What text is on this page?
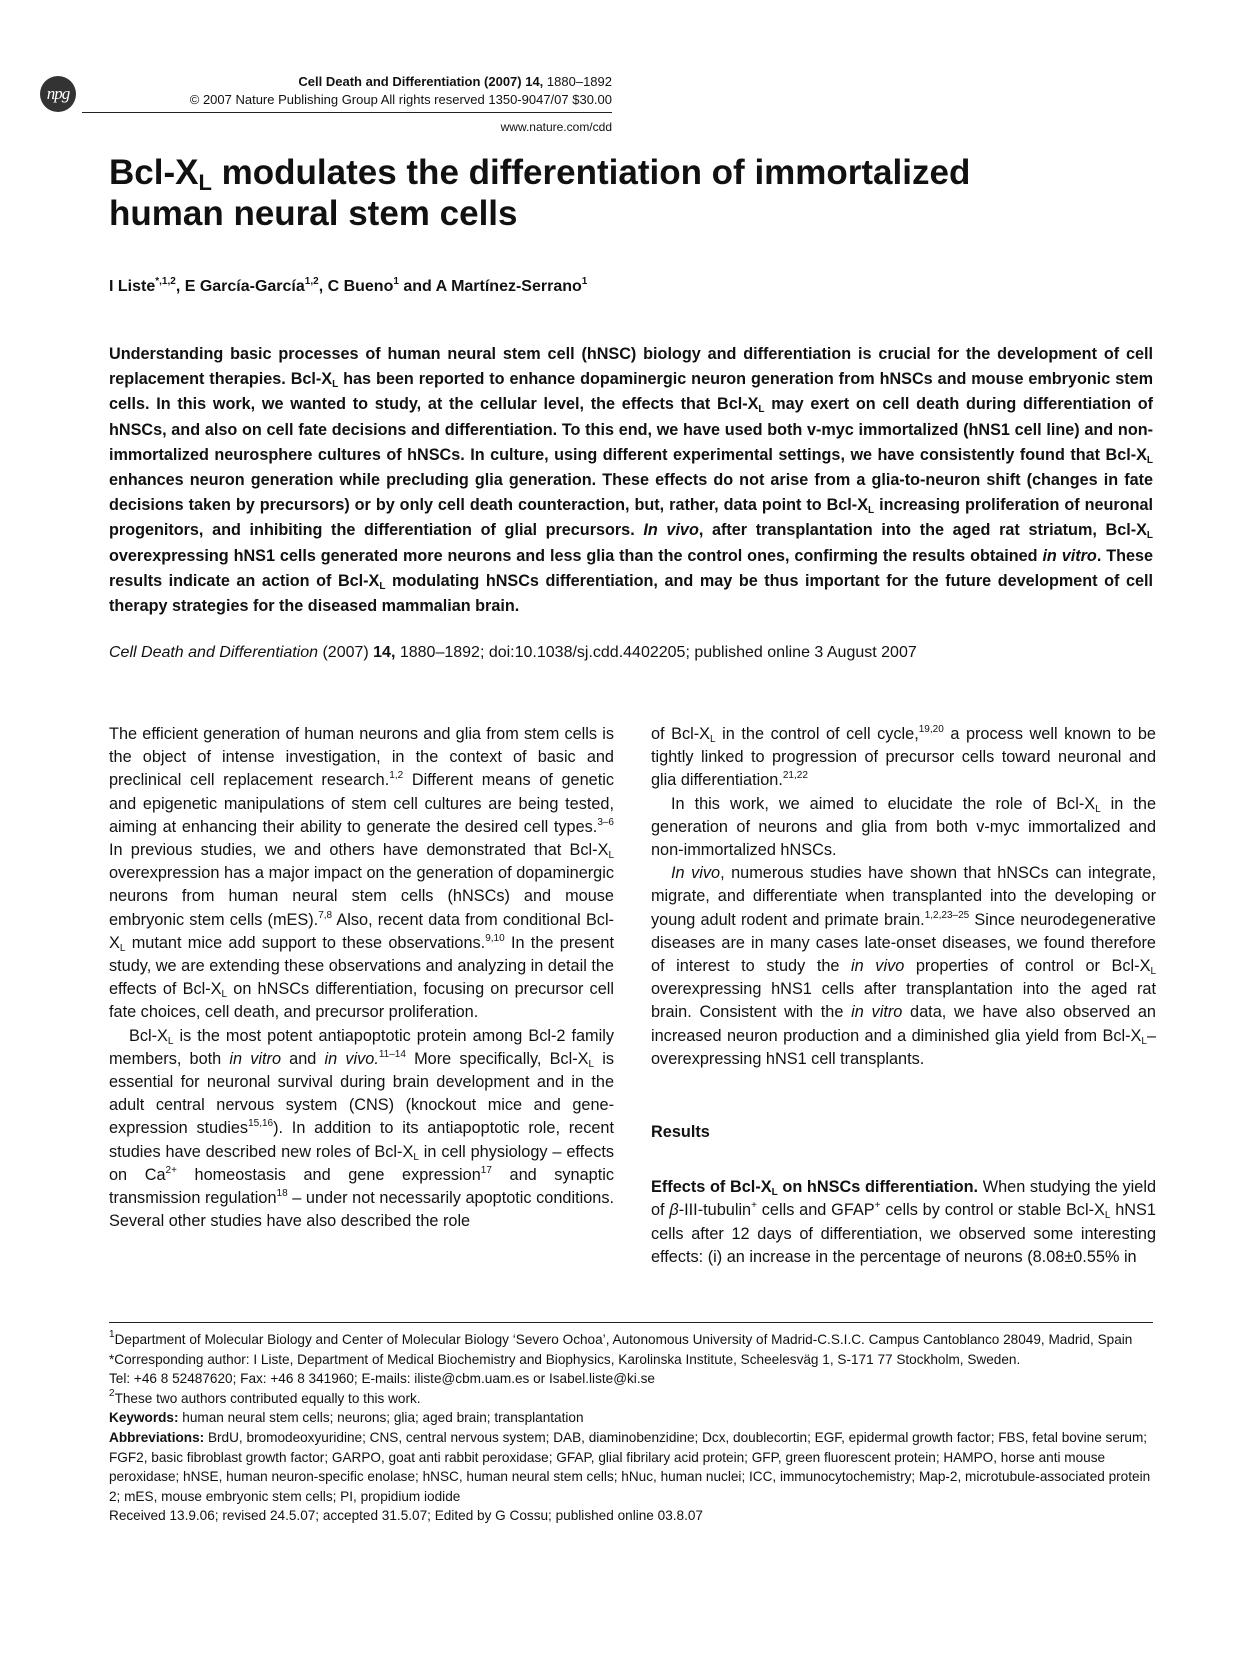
npg
Cell Death and Differentiation (2007) 14, 1880–1892
© 2007 Nature Publishing Group All rights reserved 1350-9047/07 $30.00
www.nature.com/cdd
Bcl-$X_L$ modulates the differentiation of immortalized
human neural stem cells
I Liste$^{*,1,2}$, E García-García$^{1,2}$, C Bueno$^1$ and A Martínez-Serrano$^1$

Understanding basic processes of human neural stem cell (hNSC) biology and differentiation is crucial for the development of cell replacement therapies. Bcl-$X_L$ has been reported to enhance dopaminergic neuron generation from hNSCs and mouse embryonic stem cells. In this work, we wanted to study, at the cellular level, the effects that Bcl-$X_L$ may exert on cell death during differentiation of hNSCs, and also on cell fate decisions and differentiation. To this end, we have used both v-myc immortalized (hNS1 cell line) and non-immortalized neurosphere cultures of hNSCs. In culture, using different experimental settings, we have consistently found that Bcl-$X_L$ enhances neuron generation while precluding glia generation. These effects do not arise from a glia-to-neuron shift (changes in fate decisions taken by precursors) or by only cell death counteraction, but, rather, data point to Bcl-$X_L$ increasing proliferation of neuronal progenitors, and inhibiting the differentiation of glial precursors. In vivo, after transplantation into the aged rat striatum, Bcl-$X_L$ overexpressing hNS1 cells generated more neurons and less glia than the control ones, confirming the results obtained in vitro. These results indicate an action of Bcl-$X_L$ modulating hNSCs differentiation, and may be thus important for the future development of cell therapy strategies for the diseased mammalian brain.

Cell Death and Differentiation (2007) 14, 1880–1892; doi:10.1038/sj.cdd.4402205; published online 3 August 2007

The efficient generation of human neurons and glia from stem cells is the object of intense investigation, in the context of basic and preclinical cell replacement research.$^{1,2}$ Different means of genetic and epigenetic manipulations of stem cell cultures are being tested, aiming at enhancing their ability to generate the desired cell types.$^{3-6}$ In previous studies, we and others have demonstrated that Bcl-$X_L$ overexpression has a major impact on the generation of dopaminergic neurons from human neural stem cells (hNSCs) and mouse embryonic stem cells (mES).$^{7,8}$ Also, recent data from conditional Bcl-$X_L$ mutant mice add support to these observations.$^{9,10}$ In the present study, we are extending these observations and analyzing in detail the effects of Bcl-$X_L$ on hNSCs differentiation, focusing on precursor cell fate choices, cell death, and precursor proliferation.

Bcl-$X_L$ is the most potent antiapoptotic protein among Bcl-2 family members, both in vitro and in vivo.$^{11-14}$ More specifically, Bcl-$X_L$ is essential for neuronal survival during brain development and in the adult central nervous system (CNS) (knockout mice and gene-expression studies$^{15,16}$). In addition to its antiapoptotic role, recent studies have described new roles of Bcl-$X_L$ in cell physiology – effects on $Ca^{2+}$ homeostasis and gene expression$^{17}$ and synaptic transmission regulation$^{18}$ – under not necessarily apoptotic conditions. Several other studies have also described the role

of Bcl-$X_L$ in the control of cell cycle,$^{19,20}$ a process well known to be tightly linked to progression of precursor cells toward neuronal and glia differentiation.$^{21,22}$

In this work, we aimed to elucidate the role of Bcl-$X_L$ in the generation of neurons and glia from both v-myc immortalized and non-immortalized hNSCs.

In vivo, numerous studies have shown that hNSCs can integrate, migrate, and differentiate when transplanted into the developing or young adult rodent and primate brain.$^{1,2,23-25}$ Since neurodegenerative diseases are in many cases late-onset diseases, we found therefore of interest to study the in vivo properties of control or Bcl-$X_L$ overexpressing hNS1 cells after transplantation into the aged rat brain. Consistent with the in vitro data, we have also observed an increased neuron production and a diminished glia yield from Bcl-$X_L$–overexpressing hNS1 cell transplants.

Results

Effects of Bcl-$X_L$ on hNSCs differentiation. When studying the yield of β-III-tubulin+ cells and GFAP+ cells by control or stable Bcl-$X_L$ hNS1 cells after 12 days of differentiation, we observed some interesting effects: (i) an increase in the percentage of neurons (8.08±0.55% in

$^1$Department of Molecular Biology and Center of Molecular Biology ‘Severo Ochoa’, Autonomous University of Madrid-C.S.I.C. Campus Cantoblanco 28049, Madrid, Spain

*Corresponding author: I Liste, Department of Medical Biochemistry and Biophysics, Karolinska Institute, Scheelesväg 1, S-171 77 Stockholm, Sweden.

Tel: +46 8 52487620; Fax: +46 8 341960; E-mails: iliste@cbm.uam.es or Isabel.liste@ki.se

$^2$These two authors contributed equally to this work.

Keywords: human neural stem cells; neurons; glia; aged brain; transplantation

Abbreviations: BrdU, bromodeoxyuridine; CNS, central nervous system; DAB, diaminobenzidine; Dcx, doublecortin; EGF, epidermal growth factor; FBS, fetal bovine serum; FGF2, basic fibroblast growth factor; GARPO, goat anti rabbit peroxidase; GFAP, glial fibrilary acid protein; GFP, green fluorescent protein; HAMPO, horse anti mouse peroxidase; hNSE, human neuron-specific enolase; hNSC, human neural stem cells; hNuc, human nuclei; ICC, immunocytochemistry; Map-2, microtubule-associated protein 2; mES, mouse embryonic stem cells; PI, propidium iodide

Received 13.9.06; revised 24.5.07; accepted 31.5.07; Edited by G Cossu; published online 03.8.07
